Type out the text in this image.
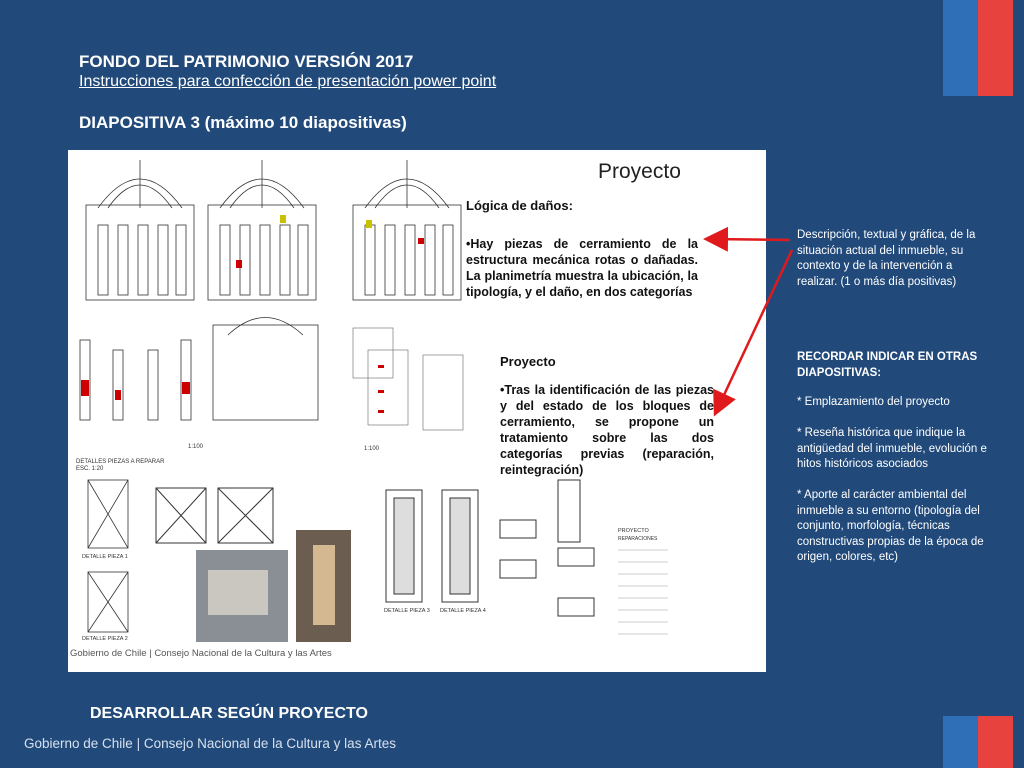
FONDO DEL PATRIMONIO VERSIÓN 2017
Instrucciones para confección de presentación power point
DIAPOSITIVA 3 (máximo 10 diapositivas)
1:100	1:100
DETALLES PIEZAS A REPARAR
ESC. 1:20
DETALLE PIEZA 1
DETALLE PIEZA 2
DETALLE PIEZA 3 DETALLE PIEZA 4
PROYECTO
REPARACIONES
Proyecto
Lógica de daños:
•Hay piezas de cerramiento de la estructura mecánica rotas o dañadas. La planimetría muestra la ubicación, la tipología, y el daño, en dos categorías
Proyecto
•Tras la identificación de las piezas y del estado de los bloques de cerramiento, se propone un tratamiento sobre las dos categorías previas (reparación, reintegración)
Gobierno de Chile | Consejo Nacional de la Cultura y las Artes
Descripción, textual y gráfica, de la situación actual del inmueble, su contexto y de la intervención a realizar. (1 o más día positivas)
RECORDAR INDICAR EN OTRAS DIAPOSITIVAS:

* Emplazamiento del proyecto

* Reseña histórica que indique la antigüedad del inmueble, evolución e hitos históricos asociados

* Aporte al carácter ambiental del inmueble a su entorno (tipología del conjunto, morfología, técnicas constructivas propias de la época de origen, colores, etc)

DESARROLLAR SEGÚN PROYECTO
Gobierno de Chile | Consejo Nacional de la Cultura y las Artes
